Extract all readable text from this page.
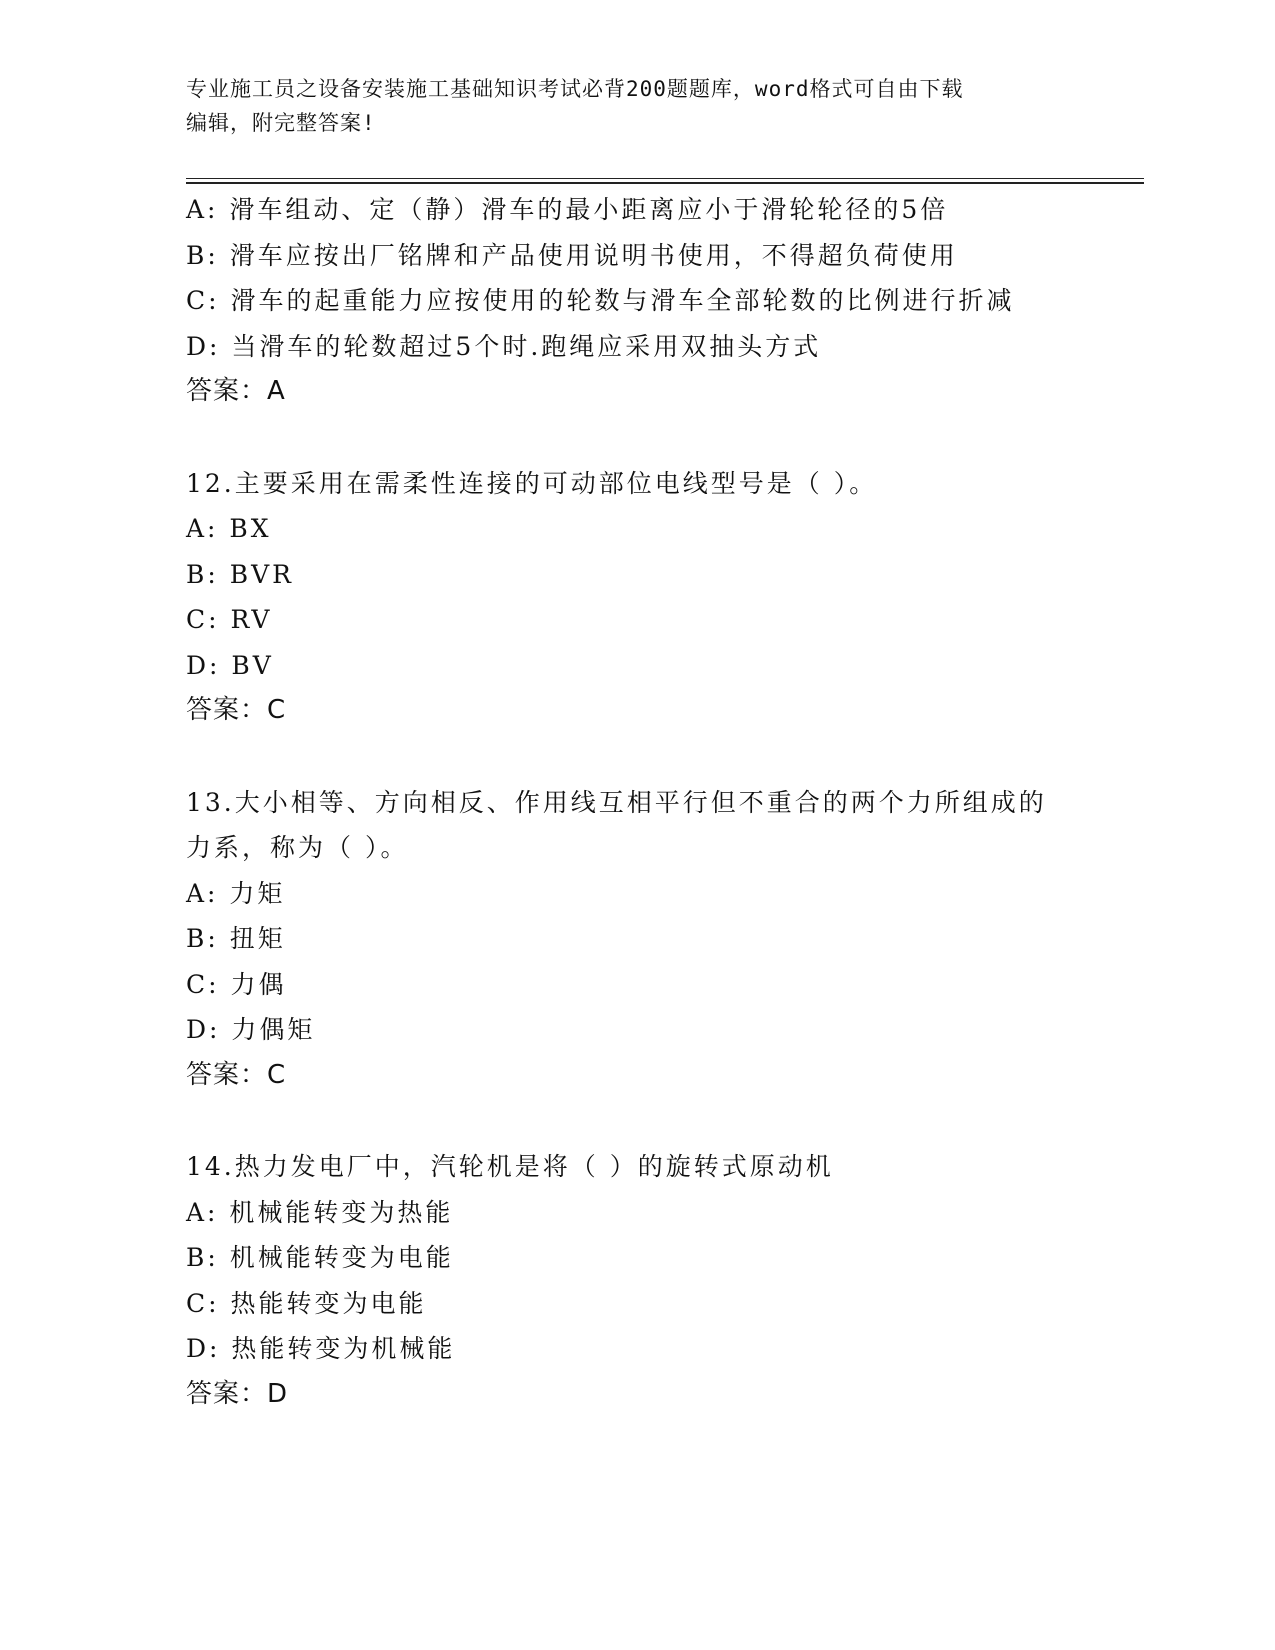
专业施工员之设备安装施工基础知识考试必背200题题库，word格式可自由下载
编辑，附完整答案!
A: 滑车组动、定（静）滑车的最小距离应小于滑轮轮径的5倍
B: 滑车应按出厂铭牌和产品使用说明书使用，不得超负荷使用
C: 滑车的起重能力应按使用的轮数与滑车全部轮数的比例进行折减
D: 当滑车的轮数超过5个时.跑绳应采用双抽头方式
答案：A
12.主要采用在需柔性连接的可动部位电线型号是（ ）。
A: BX
B: BVR
C: RV
D: BV
答案：C
13.大小相等、方向相反、作用线互相平行但不重合的两个力所组成的
力系，称为（ ）。
A: 力矩
B: 扭矩
C: 力偶
D: 力偶矩
答案：C
14.热力发电厂中，汽轮机是将（ ）的旋转式原动机
A: 机械能转变为热能
B: 机械能转变为电能
C: 热能转变为电能
D: 热能转变为机械能
答案：D
